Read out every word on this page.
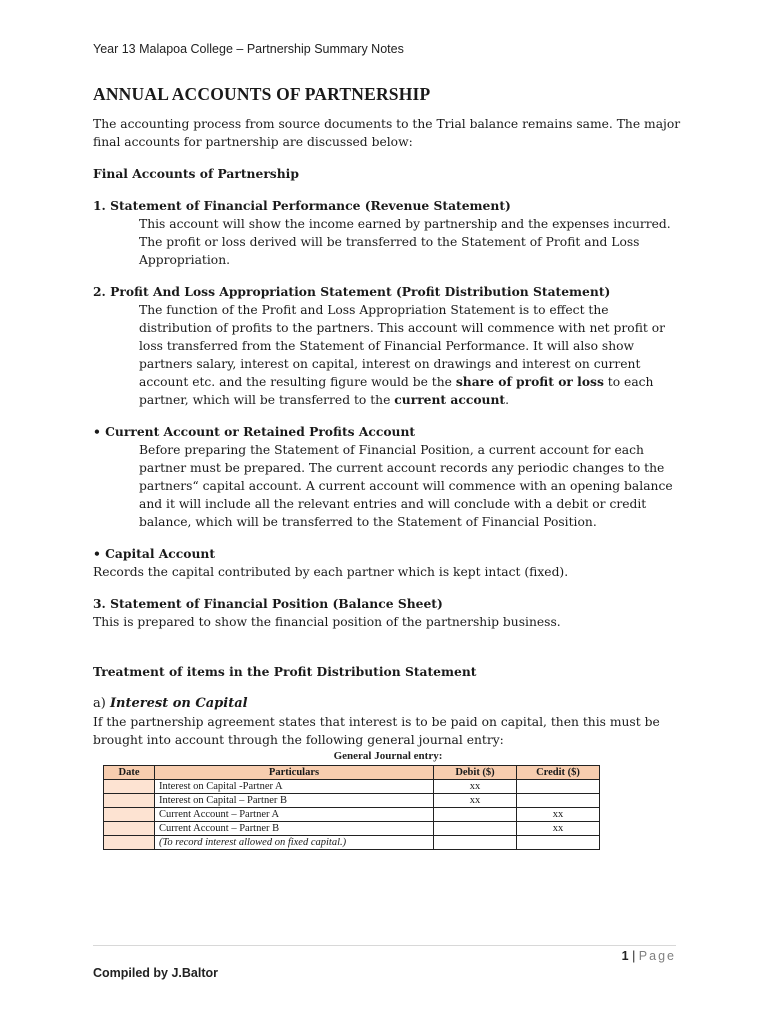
Year 13 Malapoa College – Partnership Summary Notes
ANNUAL ACCOUNTS OF PARTNERSHIP

The accounting process from source documents to the Trial balance remains same. The major final accounts for partnership are discussed below:

Final Accounts of Partnership

1. Statement of Financial Performance (Revenue Statement)

This account will show the income earned by partnership and the expenses incurred. The profit or loss derived will be transferred to the Statement of Profit and Loss Appropriation.

2. Profit And Loss Appropriation Statement (Profit Distribution Statement)

The function of the Profit and Loss Appropriation Statement is to effect the distribution of profits to the partners. This account will commence with net profit or loss transferred from the Statement of Financial Performance. It will also show partners salary, interest on capital, interest on drawings and interest on current account etc. and the resulting figure would be the share of profit or loss to each partner, which will be transferred to the current account.

• Current Account or Retained Profits Account

Before preparing the Statement of Financial Position, a current account for each partner must be prepared. The current account records any periodic changes to the partners“ capital account. A current account will commence with an opening balance and it will include all the relevant entries and will conclude with a debit or credit balance, which will be transferred to the Statement of Financial Position.

• Capital Account

Records the capital contributed by each partner which is kept intact (fixed).

3. Statement of Financial Position (Balance Sheet)

This is prepared to show the financial position of the partnership business.

Treatment of items in the Profit Distribution Statement

a) Interest on Capital

If the partnership agreement states that interest is to be paid on capital, then this must be brought into account through the following general journal entry:

General Journal entry:
Date	Particulars	Debit ($)	Credit ($)
	Interest on Capital -Partner A	xx	
	Interest on Capital – Partner B	xx	
	Current Account – Partner A		xx
	Current Account – Partner B		xx
	(To record interest allowed on fixed capital.)		
1 | Page
Compiled by J.Baltor
